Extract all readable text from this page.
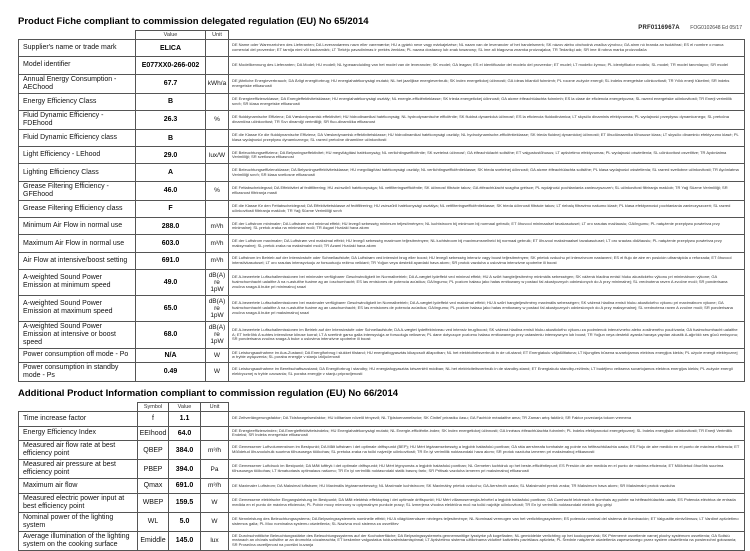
PRF0116967A FOG0102648 Ed 05/17
Product Fiche compliant to commission delegated regulation (EU) No 65/2014
	Value	Unit	
Supplier's name or trade mark	ELICA		DE Name oder Warenzeichen des Lieferanten; DA Leverandørens navn eller varemærke; HU a gyártó neve vagy márkajelzése; NL naam van de leverancier of het handelsmerk; SK názov alebo obchodná značka výrobcu; GA ainm nó branda an tsoláthraí; ES el nombre o marca comercial del proveedor; ET tarnija nimi või kaubamärk; LT Tiekėjo pavadinimas ir prekės ženklas; PL nazwa dostawcy lub znak towarowy; SL ime ali blagovna znamka proizvajalca; TR Tedarikçi adı; SR ime ili robna marka proizvođača

Model identifier	E077XX0-266-002		DE Modellkennung des Lieferanten; DA Model; HU modell; NL typeaanduiding van het model van de leverancier; SK model; GA leagan; ES el identificador del modelo del proveedor; ET mudel; LT modelio žymuo; PL identyfikator modelu; SL model; TR model tanımlayıcı; SR model

Annual Energy Consumption - AEChood	67.7	kWh/a	DE jährliche Energieverbrauch; DA Årligt energiforbrug; HU energiahatékonysági mutató; NL het jaarlijkse energieverbruik; SK index energetickej účinnosti; GA ídeas bliantúil fuinnimh; PL roczne zużycie energii; SL indeks energetske učinkovitosti; TR Yıllık enerji tüketimi; SR indeks energetske efikasnosti

Energy Efficiency Class	B		DE Energieeffizienzklasse; DA Energieffektivitetsklasse; HU energiahatékonysági osztály; NL energie-efficiëntieklasse; SK trieda energetickej účinnosti; GA aicme éifeachtúlachta fuinnimh; ES la clase de eficiencia energetyczna; SL razred energetske učinkovitosti; TR Enerji verimlilik sınıfı; SR klasa energetske efikasnosti

Fluid Dynamic Efficiency - FDEhood	26.3	%	DE fluiddynamische Effizienz; DA Væskedynamisk effektivitet; HU hidrodinamikai hatékonyság; NL hydrodynamische efficiëntie; SK fluidná dynamická účinnosť; ES la eficiencia fluidodinámica; LT skysčio dinaminis efektyvumas; PL wydajność przepływu dynamicznego; SL pretočna dinamična učinkovitost; TR Sıvı dinamiği verimliliği; SR fluo-dinamička efikasnost

Fluid Dynamic Efficiency class	B		DE die Klasse für die fluiddynamische Effizienz; DA Væskedynamisk effektivitetsklasse; HU hidrodinamikai hatékonysági osztály; NL hydrodynamische-efficiëntieklasse; SK trieda fluidnej dynamickej účinnosti; ET õhudünaamika tõhususe klass; LT skysčio dinaminio efektyvumo klasė; PL klasa wydajności przepływu dynamicznego; SL razred pretočne dinamične učinkovitosti

Light Efficiency - LEhood	29.0	lux/W	DE Beleuchtungseffizienz; DA Belysningseffektivitet; HU megvilágítási hatékonyság; NL verlichtingsefficiëntie; SK svetelná účinnosť; GA éifeachtúlacht soilsithe; ET valgustustõhusus; LT apšvietimo efektyvumas; PL wydajność oświetlenia; SL učinkovitost osvetlitve; TR Aydınlatma Verimliliği; SR svetlosna efikasnost

Lighting Efficiency Class	A		DE Beleuchtungseffizienzklasse; DA Belysningseffektivitetsklasse; HU megvilágítási hatékonysági osztály; NL verlichtingsefficiëntieklasse; SK trieda svetelnej účinnosti; GA aicme éifeachtúlachta soilsithe; PL klasa wydajności oświetlenia; SL razred svetlobne učinkovitosti; TR Aydınlatma Verimliliği sınıfı; SR klasa svetlosne efikasnosti

Grease Filtering Efficiency - GFEhood	46.0	%	DE Fettabscheidegrad; DA Effektivitet af fedtfiltrering; HU zsírszűrő hatékonysága; NL vetfilteringsefficiëntie; SK účinnosť filtrácie takov; GA éifeachtúlacht scagtha gréisce; PL wydajność pochłaniania zanieczyszczeń; SL učinkovitost filtriranja maščob; TR Yağ Süzme Verimliliği; SR efikasnost filtriranja masti

Grease Filtering Efficiency class	F		DE die Klasse für den Fettabscheidegrad; DA Effektivitetsklasse af fedtfiltrering; HU zsírszűrő hatékonysági osztálya; NL vetfilteringsefficiëntieklasse; SK trieda účinnosti filtrácie takov; LT riebalų filtravimo našumo klasė; PL klasa efektywności pochłaniania zanieczyszczeń; SL razred učinkovitosti filtriranja maščob; TR Yağ Süzme Verimliliği sınıfı

Minimum Air Flow in normal use	288.0	m³/h	DE der Luftstrom minimaler; DA Luftstrøm ved minimal effekt; HU levegő sebesség minimum teljesítményen; NL luchtstroom bij minimum bij normaal gebruik; ET õhuvool minimaalsel tavakasutusel; LT oro srautas mažiausiu; GA/ingumu; PL natężenie przepływu powietrza przy minimalnej; SL pretok zraka na minimalni moči; TR Asgari Hızdaki hava akımı

Maximum Air Flow in normal use	603.0	m³/h	DE der Luftstrom maximaler; DA Luftstrøm ved maksimal effekt; HU levegő sebesség maximum teljesítményen; NL luchtstroom bij maximumsnelheid bij normaal gebruik; ET õhuvool maksimaalsel tavakasutusel; LT oro srautas didžiausiu; PL natężenie przepływu powietrza przy maksymalnej; SL pretok zraka na maksimalni moči; TR Azami Hızdaki hava akımı

Air Flow at intensive/boost setting	691.0	m³/h	DE Luftstrom im Betrieb auf der Intensivstufe oder Schnellaufstufe; DA Luftstrøm ved intensivt brug eller boost; HU levegő sebesség intenzív vagy boost teljesítményen; SK prietok vzduchu pri intenzívnom nastavení; ES el flujo de aire en posición ultrarrápida o reforzada; ET õhuvool intensiivkasutusel; LT oro srautas intensyviuoju ar forsuotuoju režimu veikiant; TR Yoğun veya destekli ayardaki hava akımı; SR protok vazduha u uslovima intenzivne upotrebe ili boost

A-weighted Sound Power Emission at minimum speed	49.0	dB(A) re 1pW	DE A-bewertete Luftschallemissionen bei minimaler verfügbarer Geschwindigkeit im Normalbetrieb; DA A-vægtet lydeffekt ved minimal effekt; HU A szűrt hangteljesítmény minimális sebességen; SK vážená hladina emisií hluku akustického výkonu pri minimálnom výkone; GA fuaimchumhacht ualaithe A na n-astuithe fuaime ag an íoschumhacht; ES las emisiones de potencia acústica; GA/ingumu; PL poziom hałasu jako hałas emitowany w postaci fal akustycznych odniesionych do A przy minimalnej; SL vrednotena raven A zvočne moči; SR ponderisana zvučna snaga A buke pri minimalnoj snazi

A-weighted Sound Power Emission at maximum speed	65.0	dB(A) re 1pW	DE A-bewertete Luftschallemissionen bei maximaler verfügbarer Geschwindigkeit im Normalbetrieb; DA A-vægtet lydeffekt ved maksimal effekt; HU A szűrt hangteljesítmény maximális sebességen; SK vážená hladina emisií hluku akustického výkonu pri maximálnom výkone; GA fuaimchumhacht ualaithe A na n-astuithe fuaime ag an uaschumhacht; ES las emisiones de potencia acústica; GA/ingumu; PL poziom hałasu jako hałas emitowany w postaci fal akustycznych odniesionych do A przy maksymalnej; SL vrednotena raven A zvočne moči; SR ponderisana zvučna snaga A buke pri maksimalnoj snazi

A-weighted Sound Power Emission at intensive or boost speed	68.0	dB(A) re 1pW	DE A-bewertete Luftschallemissionen im Betrieb auf der Intensivstufe oder Schnellaufstufe; DA A-vægtet lydeffektniveau ved intensiv brug/boost; SK vážená hladina emisií hluku akustického výkonu za podmienok intenzívneho alebo zosilneného používania; GA fuaimchumhacht ualaithe A; ET helirõhk A suhtes intensiivse kiiruse korral; LT A svertinė garso galia intensyviąja ar forsuotąja veiksena; PL dane dotyczące poziomu hałasu emitowanego przy ustawieniu intensywnym lub boost; TR Yoğun veya destekli ayarda havaya yayılan akustik A-ağırlıklı ses gücü emisyonu; SR ponderisana zvučna snaga A buke u uslovima intenzivne upotrebe ili boost

Power consumption off mode - Po	N/A	W	DE Leistungsaufnahme im Aus-Zustand; DA Energiforbrug i slukket tilstand; HU energiafogyasztás kikapcsolt állapotban; NL het elektriciteitsverbruik in de uit-stand; ET Energiakulu väljalülitatuna; LT išjungties būsena suvartojamos elektros energijos kiekis; PL użycie energii elektrycznej w trybie wyłączenia; SL poraba energije v stanju izključenosti

Power consumption in standby mode - Ps	0.49	W	DE Leistungsaufnahme im Bereitschaftszustand; DA Energiforbrug i standby; HU energiafogyasztás készenléti módban; NL het elektriciteitsverbruik in de standby-stand; ET Energiakulu standby-režiimis; LT budėjimo veiksena suvartojamos elektros energijos kiekis; PL zużycie energii elektrycznej w trybie czuwania; SL poraba energije v stanju pripravljenosti
Additional Product Information compliant to commission regulation (EU) No 66/2014
	Symbol	Value	Unit	
Time increase factor	f	1.1		DE Zeitverlängerungsfaktor; DA Tidsforøgelsesfaktor; HU időtartam növelő tényező; NL Tijdstoenamefactor; SK Činiteľ prírastku času; GA Fachtóir méadaithe ama; TR Zaman artış faktörü; SR Faktor povećanja tokom vremena

Energy Efficiency Index	EEIhood	64.0		DE Energieeffizienzindex; DA Energieffektivitetsindeks; HU Energiahatékonysági mutató; NL Energie-efficiëntie-index; SK Index energetickej účinnosti; GA Innéacs éifeachtúlachta fuinnimh; PL Indeks efektywności energetycznej; SL Indeks energijske učinkovitosti; TR Enerji Verimlilik Endeksi; SR Indeks energetske efikasnosti

Measured air flow rate at best efficiency point	QBEP	384.0	m³/h	DE Gemessener Luftvolumenstrom im Bestpunkt; DA Målt luftstrøm i det optimale driftspunkt (BEP); HU Mért légáramsebesség a legjobb hatásfokú pontban; GA ráta aershreafa tomhaiste ag pointe na héifeachtúlachta uasta; ES Flujo de aire medido en el punto de máxima eficiencia; ET Mõõdetud õhuvooluhulk suurima tõhususega töökohas; SL pretoka zraka na točki največje učinkovitosti; TR En iyi verimlilik noktasındaki hava akımı; SR protok vazduha izmeren pri maksimalnoj efikasnosti

Measured air pressure at best efficiency point	PBEP	394.0	Pa	DE Gemessener Luftdruck im Bestpunkt; DA Målt lufttryk i det optimale driftspunkt; HU Mért légnyomás a legjobb hatásfokú pontban; NL Gemeten luchtdruk op het beste-efficiëntiepunt; ES Presión de aire medida en el punto de máxima eficiencia; ET Mõõdetud õhurõhk suurima tõhususega töökohas; LT išmatuotasis optimalaus našumo; TR En iyi verimlilik noktasındaki statik basınç farkı; SR Pritisak vazduha izmeren pri maksimalnoj efikasnosti

Maximum air flow	Qmax	691.0	m³/h	DE Maximaler Luftstrom; DA Maksimal luftstrøm; HU Maximális légáramsebesség; NL Maximale luchtstroom; SK Maximálny prietok vzduchu; GA Aershruth uasta; SL Maksimalni pretok zraka; TR Maksimum hava akımı; SR Maksimalni protok vazduha

Measured electric power input at best efficiency point	WBEP	159.5	W	DE Gemessene elektrische Eingangsleistung im Bestpunkt; DA Målt elektrisk effektoptag i det optimale driftspunkt; HU Mért villamosenergia-felvétel a legjobb hatásfokú pontban; GA Cumhacht leictreach a thomhais ag pointe na héifeachtúlachta uasta; ES Potencia eléctrica de entrada medida en el punto de máxima eficiencia; PL Pobór mocy mierzony w optymalnym punkcie pracy; SL Izmerjena vhodna električna moč na točki najvišje učinkovitosti; TR En iyi verimlilik noktasındaki elektrik güç girişi

Nominal power of the lighting system	WL	5.0	W	DE Nennleistung des Beleuchtungssystems; DA Belysningssystemets nominelle effekt; HU A világítórendszer névleges teljesítménye; NL Nominaal vermogen van het verlichtingssysteem; ES potencia nominal del sistema de iluminación; ET Valgustite nimivõimsus; LT Vardinė apšvietimo sistemos galia; PL Moc nominalna systemu oświetlenia; SL Nazivna moč sistema za osvetlitev

Average illumination of the lighting system on the cooking surface	Emiddle	145.0	lux	DE Durchschnittliche Beleuchtungsstärke des Beleuchtungssystems auf der Kochoberfläche; DA Belysningssystemets gennemsnitlige lysstyrke på kogefladen; NL gemiddelde verlichting op het kookoppervlak; SK Priemerné osvetlenie varnej plochy systémom osvetlenia; GA Soilsiú meánach an chórais soilsithe ar an dromchla cócaireachta; ET keskmine valgustatus toiduvalmistamispinnal; LT Apšvietimo sistema užtikrinama vidutinė kaitvietės paviršiaus apšvieta; PL Średnie natężenie oświetlenia zapewnianego przez system oświetlenia na powierzchni gotowania; SR Prosečna osvetljenost na površini kuvanja
